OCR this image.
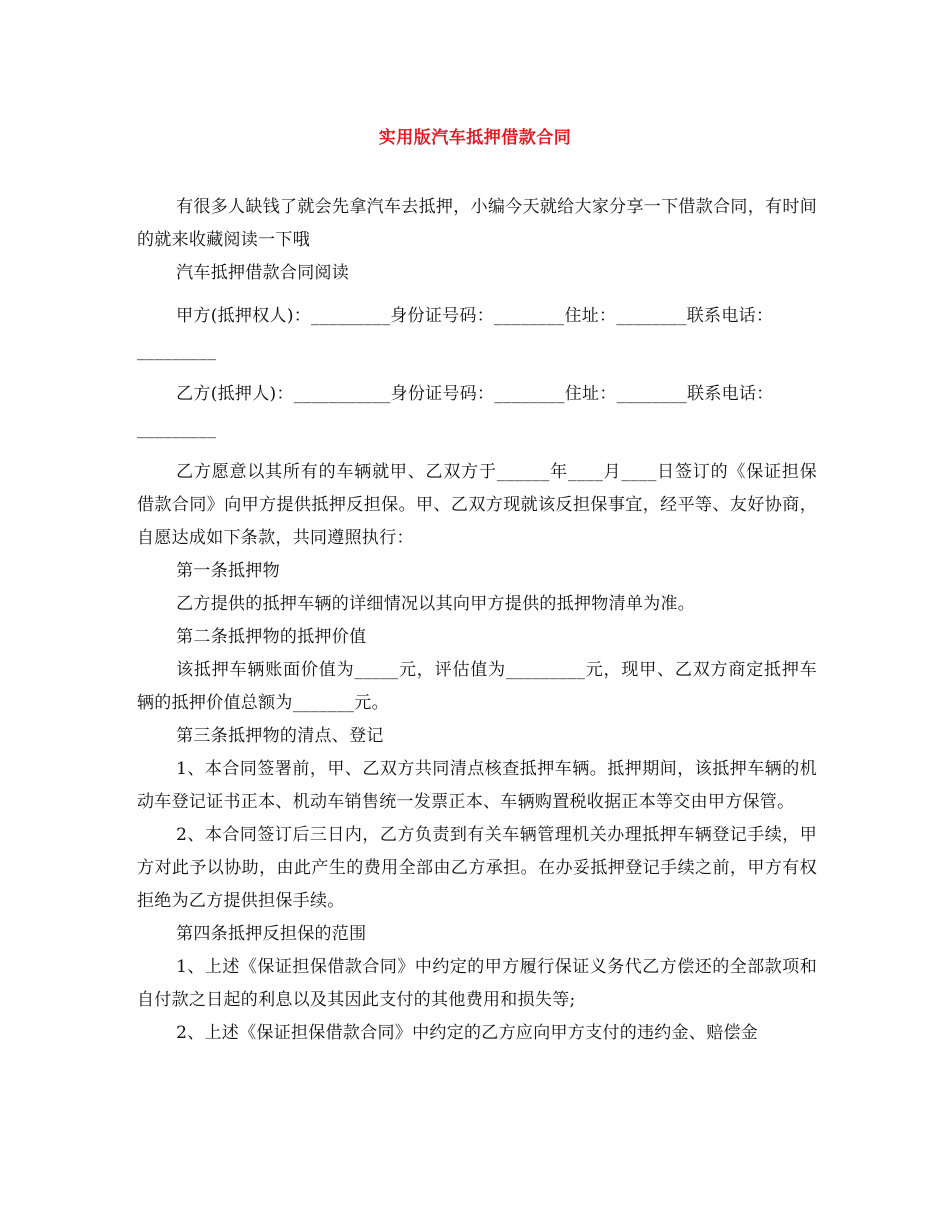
实用版汽车抵押借款合同

有很多人缺钱了就会先拿汽车去抵押，小编今天就给大家分享一下借款合同，有时间的就来收藏阅读一下哦

汽车抵押借款合同阅读

甲方(抵押权人)：_________身份证号码：________住址：________联系电话：
_________

乙方(抵押人)：___________身份证号码：________住址：________联系电话：
_________

乙方愿意以其所有的车辆就甲、乙双方于______年____月____日签订的《保证担保借款合同》向甲方提供抵押反担保。甲、乙双方现就该反担保事宜，经平等、友好协商，自愿达成如下条款，共同遵照执行：

第一条抵押物

乙方提供的抵押车辆的详细情况以其向甲方提供的抵押物清单为准。

第二条抵押物的抵押价值

该抵押车辆账面价值为_____元，评估值为_________元，现甲、乙双方商定抵押车辆的抵押价值总额为_______元。

第三条抵押物的清点、登记

1、本合同签署前，甲、乙双方共同清点核查抵押车辆。抵押期间，该抵押车辆的机动车登记证书正本、机动车销售统一发票正本、车辆购置税收据正本等交由甲方保管。

2、本合同签订后三日内，乙方负责到有关车辆管理机关办理抵押车辆登记手续，甲方对此予以协助，由此产生的费用全部由乙方承担。在办妥抵押登记手续之前，甲方有权拒绝为乙方提供担保手续。

第四条抵押反担保的范围

1、上述《保证担保借款合同》中约定的甲方履行保证义务代乙方偿还的全部款项和自付款之日起的利息以及其因此支付的其他费用和损失等;

2、上述《保证担保借款合同》中约定的乙方应向甲方支付的违约金、赔偿金
